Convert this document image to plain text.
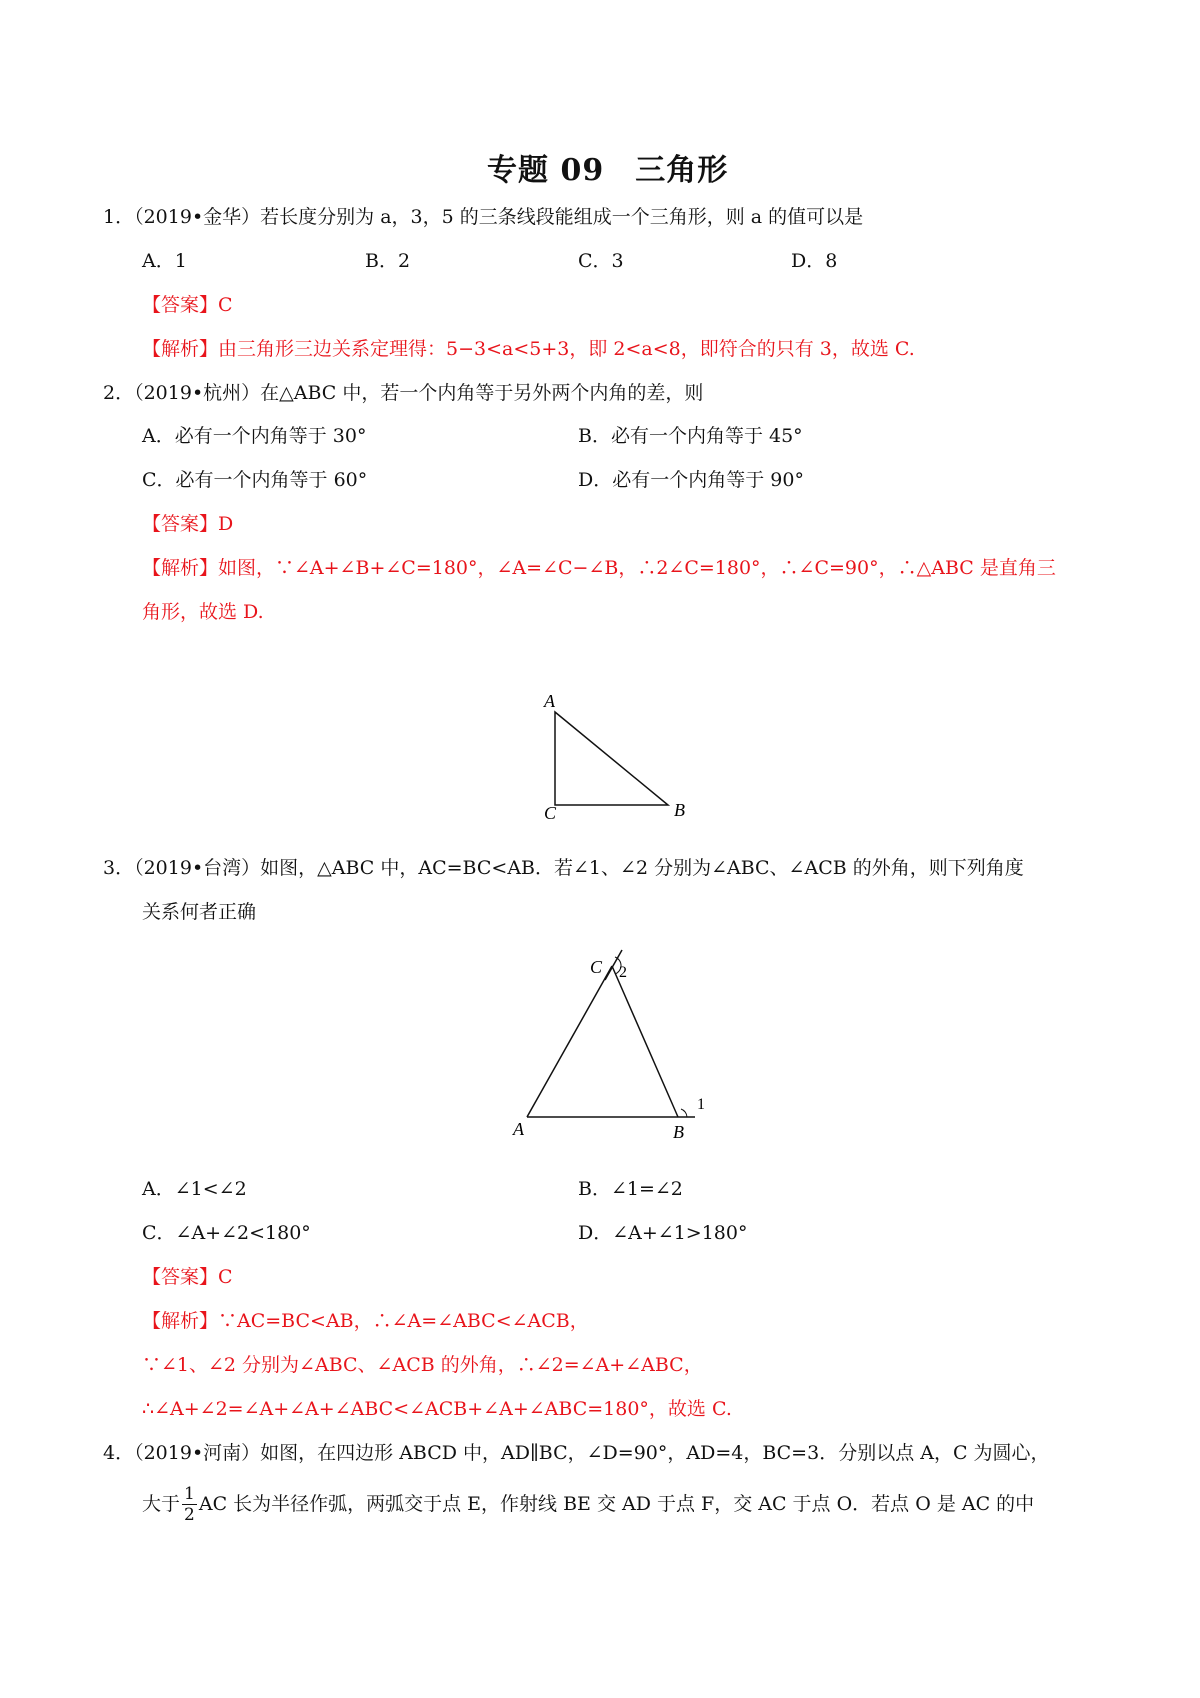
专题 09　三角形
1．（2019•金华）若长度分别为 a，3，5 的三条线段能组成一个三角形，则 a 的值可以是
A．1	B．2	C．3	D．8
【答案】C
【解析】由三角形三边关系定理得：5−3<a<5+3，即 2<a<8，即符合的只有 3，故选 C.
2．（2019•杭州）在△ABC 中，若一个内角等于另外两个内角的差，则
A．必有一个内角等于 30°	B．必有一个内角等于 45°
C．必有一个内角等于 60°	D．必有一个内角等于 90°
【答案】D
【解析】如图，∵∠A+∠B+∠C=180°，∠A=∠C−∠B，∴2∠C=180°，∴∠C=90°，∴△ABC 是直角三
角形，故选 D.
A
B
C
3．（2019•台湾）如图，△ABC 中，AC=BC<AB．若∠1、∠2 分别为∠ABC、∠ACB 的外角，则下列角度
关系何者正确
A	B
C
1
2
A．∠1<∠2	B．∠1=∠2
C．∠A+∠2<180°	D．∠A+∠1>180°
【答案】C
【解析】∵AC=BC<AB，∴∠A=∠ABC<∠ACB，
∵∠1、∠2 分别为∠ABC、∠ACB 的外角，∴∠2=∠A+∠ABC，
∴∠A+∠2=∠A+∠A+∠ABC<∠ACB+∠A+∠ABC=180°，故选 C.
4．（2019•河南）如图，在四边形 ABCD 中，AD∥BC，∠D=90°，AD=4，BC=3．分别以点 A，C 为圆心，
大于 $\frac{1}{2}$ AC 长为半径作弧，两弧交于点 E，作射线 BE 交 AD 于点 F，交 AC 于点 O．若点 O 是 AC 的中
